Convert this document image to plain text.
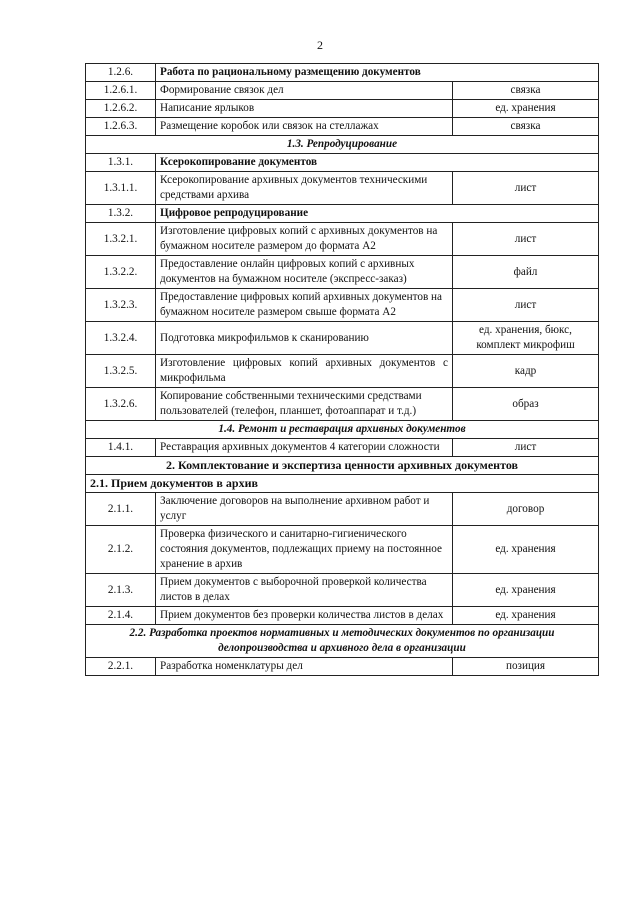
2
1.2.6.	Работа по рациональному размещению документов	
1.2.6.1.	Формирование связок дел	связка
1.2.6.2.	Написание ярлыков	ед. хранения
1.2.6.3.	Размещение коробок или связок на стеллажах	связка
1.3. Репродуцирование		
1.3.1.	Ксерокопирование документов	
1.3.1.1.	Ксерокопирование архивных документов техническими средствами архива	лист
1.3.2.	Цифровое репродуцирование	
1.3.2.1.	Изготовление цифровых копий с архивных документов на бумажном носителе размером до формата А2	лист
1.3.2.2.	Предоставление онлайн цифровых копий с архивных документов на бумажном носителе (экспресс-заказ)	файл
1.3.2.3.	Предоставление цифровых копий архивных документов на бумажном носителе размером свыше формата А2	лист
1.3.2.4.	Подготовка микрофильмов к сканированию	ед. хранения, бюкс, комплект микрофиш
1.3.2.5.	Изготовление цифровых копий архивных документов с микрофильма	кадр
1.3.2.6.	Копирование собственными техническими средствами пользователей (телефон, планшет, фотоаппарат и т.д.)	образ
1.4. Ремонт и реставрация архивных документов		
1.4.1.	Реставрация архивных документов 4 категории сложности	лист
2. Комплектование и экспертиза ценности архивных документов		
2.1. Прием документов в архив		
2.1.1.	Заключение договоров на выполнение архивном работ и услуг	договор
2.1.2.	Проверка физического и санитарно-гигиенического состояния документов, подлежащих приему на постоянное хранение в архив	ед. хранения
2.1.3.	Прием документов с выборочной проверкой количества листов в делах	ед. хранения
2.1.4.	Прием документов без проверки количества листов в делах	ед. хранения
2.2. Разработка проектов нормативных и методических документов по организации делопроизводства и архивного дела в организации		
2.2.1.	Разработка номенклатуры дел	позиция
